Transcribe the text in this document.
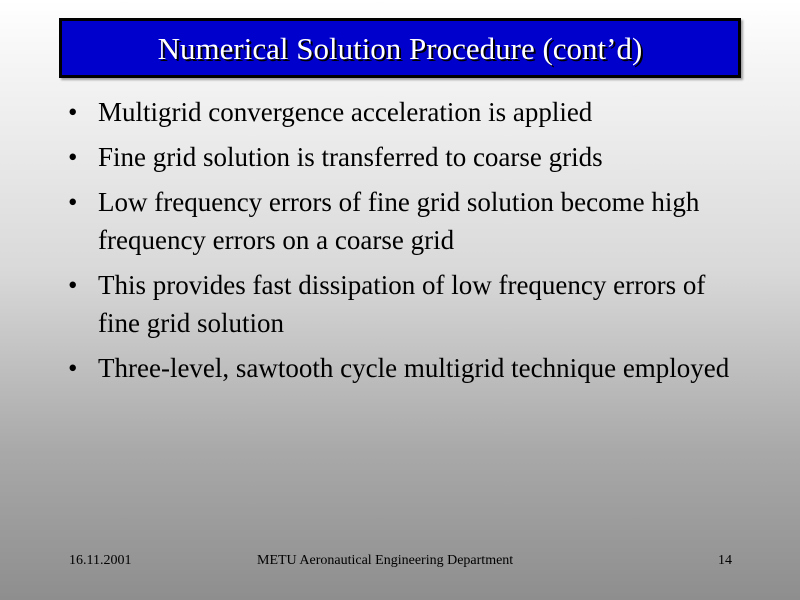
Numerical Solution Procedure (cont’d)
• Multigrid convergence acceleration is applied
• Fine grid solution is transferred to coarse grids
• Low frequency errors of fine grid solution become high frequency errors on a coarse grid
• This provides fast dissipation of low frequency errors of fine grid solution
• Three-level, sawtooth cycle multigrid technique employed
16.11.2001	METU Aeronautical Engineering Department	14
